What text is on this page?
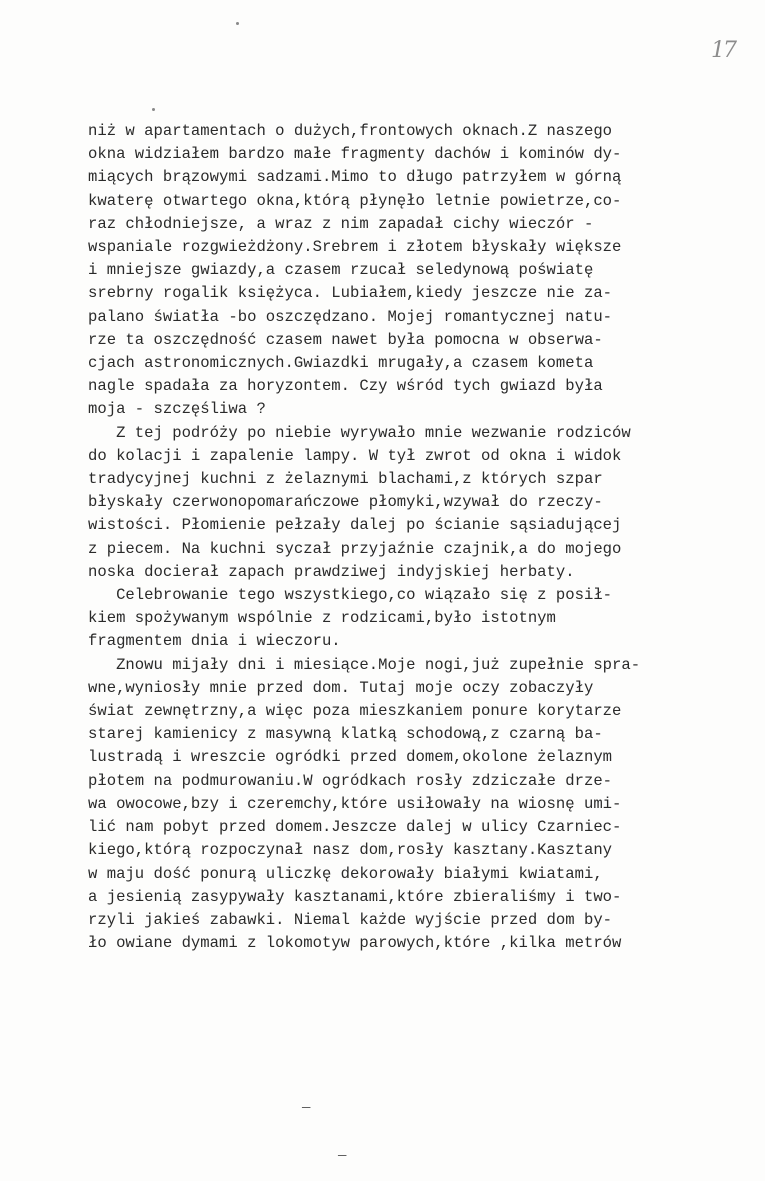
17
niż w apartamentach o dużych,frontowych oknach.Z naszego
okna widziałem bardzo małe fragmenty dachów i kominów dy-
miących brązowymi sadzami.Mimo to długo patrzyłem w górną
kwaterę otwartego okna,którą płynęło letnie powietrze,co-
raz chłodniejsze, a wraz z nim zapadał cichy wieczór -
wspaniale rozgwieżdżony.Srebrem i złotem błyskały większe
i mniejsze gwiazdy,a czasem rzucał seledynową poświatę
srebrny rogalik księżyca. Lubiałem,kiedy jeszcze nie za-
palano światła -bo oszczędzano. Mojej romantycznej natu-
rze ta oszczędność czasem nawet była pomocna w obserwa-
cjach astronomicznych.Gwiazdki mrugały,a czasem kometa
nagle spadała za horyzontem. Czy wśród tych gwiazd była
moja - szczęśliwa ?
Z tej podróży po niebie wyrywało mnie wezwanie rodziców
do kolacji i zapalenie lampy. W tył zwrot od okna i widok
tradycyjnej kuchni z żelaznymi blachami,z których szpar
błyskały czerwonopomarańczowe płomyki,wzywał do rzeczy-
wistości. Płomienie pełzały dalej po ścianie sąsiadującej
z piecem. Na kuchni syczał przyjaźnie czajnik,a do mojego
noska docierał zapach prawdziwej indyjskiej herbaty.
Celebrowanie tego wszystkiego,co wiązało się z posił-
kiem spożywanym wspólnie z rodzicami,było istotnym
fragmentem dnia i wieczoru.
Znowu mijały dni i miesiące.Moje nogi,już zupełnie spra-
wne,wyniosły mnie przed dom. Tutaj moje oczy zobaczyły
świat zewnętrzny,a więc poza mieszkaniem ponure korytarze
starej kamienicy z masywną klatką schodową,z czarną ba-
lustradą i wreszcie ogródki przed domem,okolone żelaznym
płotem na podmurowaniu.W ogródkach rosły zdziczałe drze-
wa owocowe,bzy i czeremchy,które usiłowały na wiosnę umi-
lić nam pobyt przed domem.Jeszcze dalej w ulicy Czarniec-
kiego,którą rozpoczynał nasz dom,rosły kasztany.Kasztany
w maju dość ponurą uliczkę dekorowały białymi kwiatami,
a jesienią zasypywały kasztanami,które zbieraliśmy i two-
rzyli jakieś zabawki. Niemal każde wyjście przed dom by-
ło owiane dymami z lokomotyw parowych,które ,kilka metrów
—
—
